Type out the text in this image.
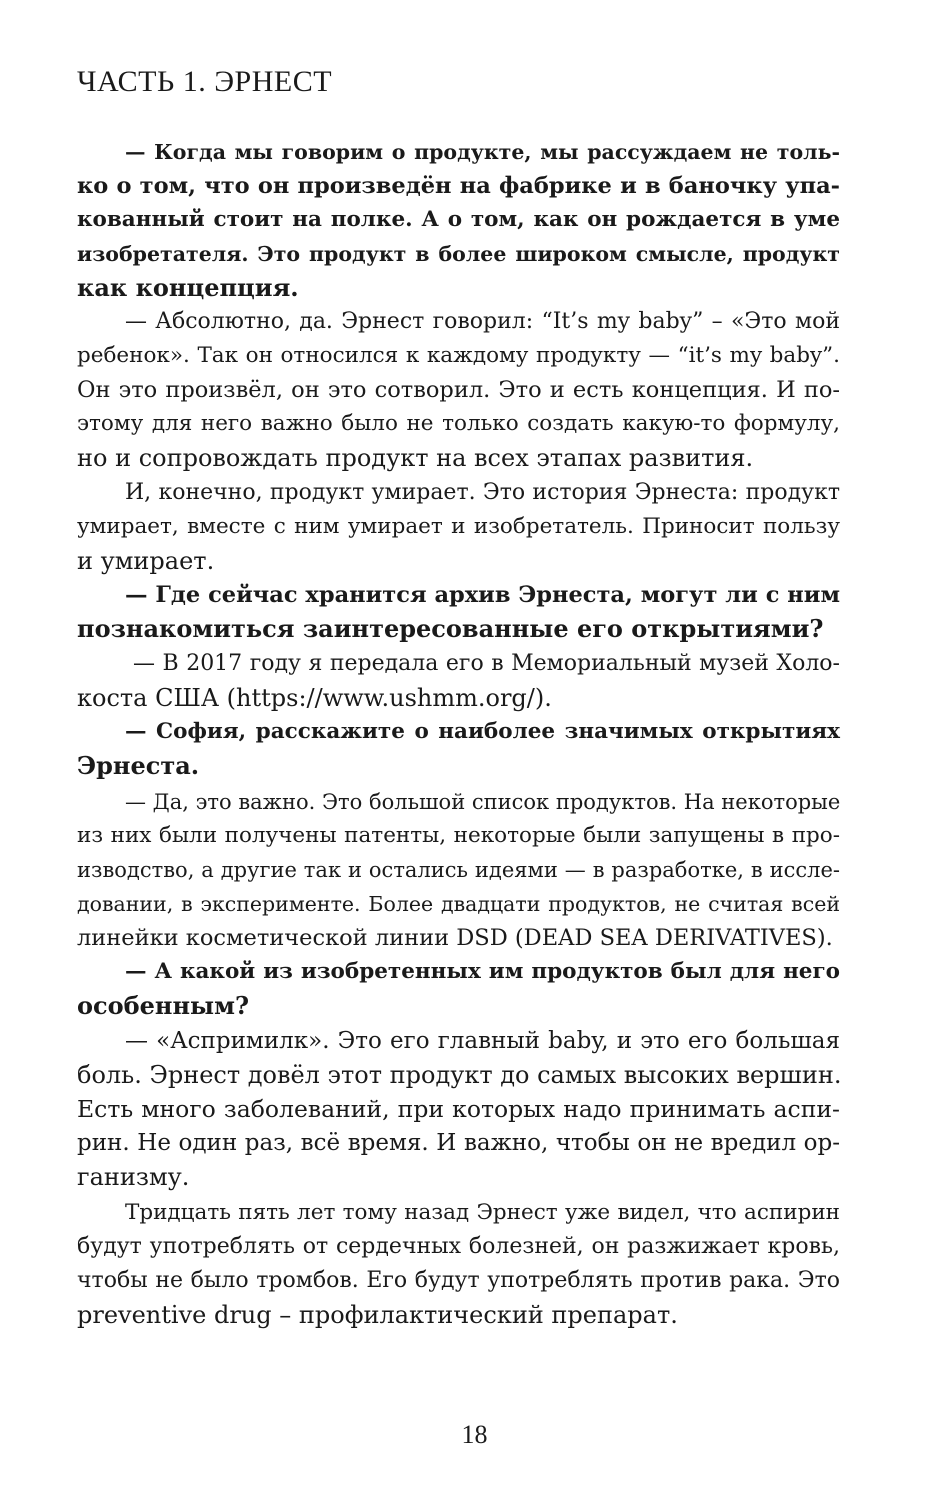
ЧАСТЬ 1. ЭРНЕСТ
— Когда мы говорим о продукте, мы рассуждаем не толь-
ко о том, что он произведён на фабрике и в баночку упа-
кованный стоит на полке. А о том, как он рождается в уме
изобретателя. Это продукт в более широком смысле, продукт
как концепция.
— Абсолютно, да. Эрнест говорил: “It’s my baby” – «Это мой
ребенок». Так он относился к каждому продукту — “it’s my baby”.
Он это произвёл, он это сотворил. Это и есть концепция. И по-
этому для него важно было не только создать какую-то формулу,
но и сопровождать продукт на всех этапах развития.
И, конечно, продукт умирает. Это история Эрнеста: продукт
умирает, вместе с ним умирает и изобретатель. Приносит пользу
и умирает.
— Где сейчас хранится архив Эрнеста, могут ли с ним
познакомиться заинтересованные его открытиями?
— В 2017 году я передала его в Мемориальный музей Холо-
коста США (https://www.ushmm.org/).
— София, расскажите о наиболее значимых открытиях
Эрнеста.
— Да, это важно. Это большой список продуктов. На некоторые
из них были получены патенты, некоторые были запущены в про-
изводство, а другие так и остались идеями — в разработке, в иссле-
довании, в эксперименте. Более двадцати продуктов, не считая всей
линейки косметической линии DSD (DEAD SEA DERIVATIVES).
— А какой из изобретенных им продуктов был для него
особенным?
— «Аспримилк». Это его главный baby, и это его большая
боль. Эрнест довёл этот продукт до самых высоких вершин.
Есть много заболеваний, при которых надо принимать аспи-
рин. Не один раз, всё время. И важно, чтобы он не вредил ор-
ганизму.
Тридцать пять лет тому назад Эрнест уже видел, что аспирин
будут употреблять от сердечных болезней, он разжижает кровь,
чтобы не было тромбов. Его будут употреблять против рака. Это
preventive drug – профилактический препарат.
18
